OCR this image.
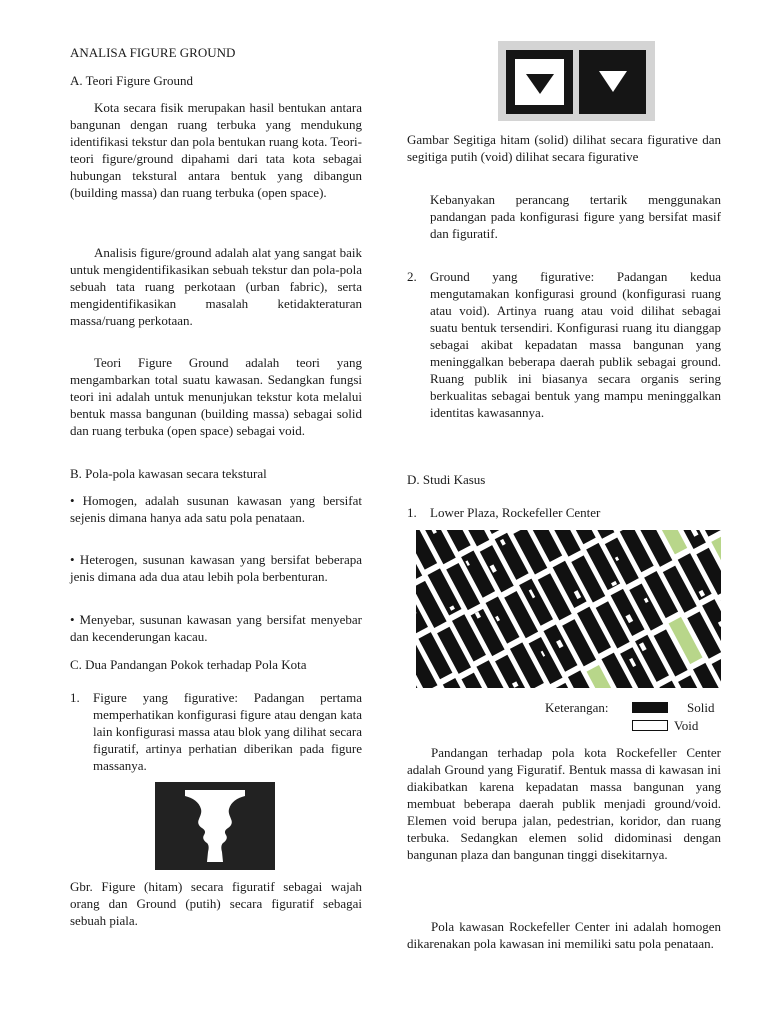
ANALISA FIGURE GROUND
A. Teori Figure Ground

Kota secara fisik merupakan hasil bentukan antara bangunan dengan ruang terbuka yang mendukung identifikasi tekstur dan pola bentukan ruang kota. Teori-teori figure/ground dipahami dari tata kota sebagai hubungan tekstural antara bentuk yang dibangun (building massa) dan ruang terbuka (open space).

Analisis figure/ground adalah alat yang sangat baik untuk mengidentifikasikan sebuah tekstur dan pola-pola sebuah tata ruang perkotaan (urban fabric), serta mengidentifikasikan masalah ketidakteraturan massa/ruang perkotaan.

Teori Figure Ground adalah teori yang mengambarkan total suatu kawasan. Sedangkan fungsi teori ini adalah untuk menunjukan tekstur kota melalui bentuk massa bangunan (building massa) sebagai solid dan ruang terbuka (open space) sebagai void.

B. Pola-pola kawasan secara tekstural

• Homogen, adalah susunan kawasan yang bersifat sejenis dimana hanya ada satu pola penataan.

• Heterogen, susunan kawasan yang bersifat beberapa jenis dimana ada dua atau lebih pola berbenturan.

• Menyebar, susunan kawasan yang bersifat menyebar dan kecenderungan kacau.

C. Dua Pandangan Pokok terhadap Pola Kota
1.	Figure yang figurative: Padangan pertama memperhatikan konfigurasi figure atau dengan kata lain konfigurasi massa atau blok yang dilihat secara figuratif, artinya perhatian diberikan pada figure massanya.

Gbr. Figure (hitam) secara figuratif sebagai wajah orang dan Ground (putih) secara figuratif sebagai sebuah piala.

Gambar Segitiga hitam (solid) dilihat secara figurative dan segitiga putih (void) dilihat secara figurative

Kebanyakan perancang tertarik menggunakan pandangan pada konfigurasi figure yang bersifat masif dan figuratif.

2.	Ground yang figurative: Padangan kedua mengutamakan konfigurasi ground (konfigurasi ruang atau void). Artinya ruang atau void dilihat sebagai suatu bentuk tersendiri. Konfigurasi ruang itu dianggap sebagai akibat kepadatan massa bangunan yang meninggalkan beberapa daerah publik sebagai ground. Ruang publik ini biasanya secara organis sering berkualitas sebagai bentuk yang mampu meninggalkan identitas kawasannya.
D. Studi Kasus
1.	Lower Plaza, Rockefeller Center
Keterangan:	Solid
Void

Pandangan terhadap pola kota Rockefeller Center adalah Ground yang Figuratif. Bentuk massa di kawasan ini diakibatkan karena kepadatan massa bangunan yang membuat beberapa daerah publik menjadi ground/void. Elemen void berupa jalan, pedestrian, koridor, dan ruang terbuka. Sedangkan elemen solid didominasi dengan bangunan plaza dan bangunan tinggi disekitarnya.

Pola kawasan Rockefeller Center ini adalah homogen dikarenakan pola kawasan ini memiliki satu pola penataan.
